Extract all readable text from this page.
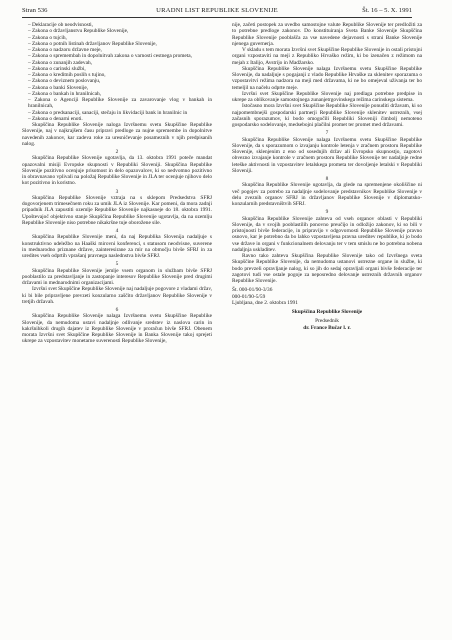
Stran 536	URADNI LIST REPUBLIKE SLOVENIJE	Št. 16 – 5. X. 1991

– Deklaracije ob neodvisnosti,

– Zakona o državljanstvu Republike Slovenije,

– Zakona o tujcih,

– Zakona o potnih listinah državljanov Republike Slovenije,

– Zakona o nadzoru državne meje,

– Zakona o spremembah in dopolnitvah zakona o varnosti cestnega prometa,

– Zakona o zunanjih zadevah,

– Zakona o carinski službi,

– Zakona o kreditnih poslih s tujino,

– Zakona o deviznem poslovanju,

– Zakona o banki Slovenije,

– Zakona o bankah in hranilnicah,

– Zakona o Agenciji Republike Slovenije za zavarovanje vlog v bankah in hranilnicah,

– Zakona o predsanaciji, sanaciji, stečaju in likvidaciji bank in hranilnic in

– Zakona o denarni enoti.

Skupščina Republike Slovenije naloga Izvršnemu svetu Skupščine Republike Slovenije, naj v najkrajšem času pripravi predloge za nujne spremembe in dopolnitve navedenih zakonov, kar zadeva roke za uresničevanje posameznih v njih predpisanih nalog.

2

Skupščina Republike Slovenije ugotavlja, da 13. oktobra 1991 poteče mandat opazovalni misiji Evropske skupnosti v Republiki Sloveniji. Skupščina Republike Slovenije pozitivno ocenjuje prisotnost in delo opazovalcev, ki so nedvomno pozitivno in obravnavano vplivali na položaj Republike Slovenije in JLA ter ocenjuje njihovo delo kot pozitivno in koristno.

3

Skupščina Republike Slovenije vztraja na s sklepom Predsedstva SFRJ dogovorjenem trimesečnem roku za umik JLA iz Slovenije. Kar pomeni, da mora zadnji pripadnik JLA zapustiti ozemlje Republike Slovenije najkasneje do 18. oktobra 1991. Upoštevajoč objektivno stanje Skupščina Republike Slovenije ugotavlja, da na ozemlju Republike Slovenije niso potrebne nikakršne tuje oborožene sile.

4

Skupščina Republike Slovenije meni, da naj Republika Slovenija nadaljuje s konstruktivno udeležbo na Haaški mirovni konferenci, s statusom neodvisne, suverene in mednarodno priznane države, zainteresirane za mir na območju bivše SFRJ in za uredites vseh odprtih vprašanj pravnega naslednstva bivše SFRJ.

5

Skupščina Republike Slovenije jemlje vsem organom in službam bivše SFRJ pooblastilo za predstavljanje in zastopanje interesov Republike Slovenije pred drugimi državami in mednarodnimi organizacijami.

Izvršni svet Skupščine Republike Slovenije naj nadaljuje pogovore z vladami držav, ki bi bile pripravljene prevzeti konzularno zaščito državljanov Republike Slovenije v tretjih državah.

6

Skupščina Republike Slovenije nalaga Izvršnemu svetu Skupščine Republike Slovenije, da nemudoma ustavi nadaljnje odlivanje sredstev iz naslova carin in kakršnihkoli drugih dajatev iz Republike Slovenije v proračun bivše SFRJ. Obenem morata Izvršni svet Skupščine Republike Slovenije in Banka Slovenije takoj sprejeti ukrepe za vzpostavitev monetarne suverenosti Republike Slovenije,

nije, začeti postopek za uvedbo samostojne valute Republike Slovenije ter predložiti za to potrebne predloge zakonov. Do konstituiranja Sveta Banke Slovenije Skupščina Republike Slovenije pooblašča za vse navedene dejavnosti s strani Banke Slovenije njenega guvernerja.

V skladu s tem morata Izvršni svet Skupščine Republike Slovenije in ostali pristojni organi vzpostaviti na meji z Republiko Hrvaško režim, ki bo izenačen z režimom na mejah z Italijo, Avstrijo in Madžarsko.

Skupščina Republike Slovenije nalaga Izvršnemu svetu Skupščine Republike Slovenije, da nadaljuje s pogajanji z vlado Republike Hrvaške za sklenitev sporazuma o vzpostavitvi režima nadzora na meji med državama, ki ne bo omejeval uživanja ter bo temeljil na načelu odprte meje.

Izvršni svet Skupščine Republike Slovenije naj predlaga potrebne predpise in ukrepe za oblikovanje samostojnega zunanjetrgovinskega režima carinskega sistema.

Istočasno mora Izvršni svet Skupščine Republike Slovenije ponuditi državam, ki so najpomembnejši gospodarski partnerji Republike Slovenije sklenitev ustreznih, vsej začasnih sporazumov, ki bodo omogočili Republiki Sloveniji čimbolj nemoteno gospodarsko sodelovanje, medsebojni plačilni promet ter promet med državami.

7

Skupščina Republike Slovenije nalaga Izvršnemu svetu Skupščine Republike Slovenije, da s sporazumom o izvajanju kontrole letenja v zračnem prostoru Republike Slovenije, sklenjenim z eno od sosednjih držav ali Evropsko skupnostjo, zagotovi obvezno izvajanje kontrole v zračnem prostoru Republike Slovenije ter nadaljnje redne leteške aktivnosti in vzpostavitev letalskega prometa ter dovoljenje letalski v Republiki Sloveniji.

8

Skupščina Republike Slovenije ugotavlja, da glede na spremenjene okoliščine ni več pogojev za potrebo za nadaljnje sodelovanje predstavnikov Republike Slovenije v delu zveznih organov SFRJ in državljanov Republike Slovenije v diplomatsko-konzularnih predstavništvih SFRJ.

9

Skupščina Republike Slovenije zahteva od vseh organov oblasti v Republiki Slovenije, da v svojih pooblastilih ponovno preučijo in odložijo zakonov, ki so bili v pristojnosti bivše federacije, in pripravijo v odgovornosti Republike Slovenije pravno osnovo, kar je potrebno da bo lahko vzpostavljena pravna ureditev republike, ki jo bodo vse države in organi v funkcionalnem delovanju ter v tem smislu ne bo potrebna nobena nadaljnja uskladitev.

Ravno tako zahteva Skupščina Republike Slovenije tako od Izvršnega sveta Skupščine Republike Slovenije, da nemudoma ustanovi ustrezne organe in službe, ki bodo prevzeli opravljanje nalog, ki so jih do sedaj opravljali organi bivše federacije ter zagotovi tudi vse ostale pogoje za neposredno delovanje ustreznih državnih organov Republike Slovenije.

Št. 000-01/90-3/36

000-01/90-5/59

Ljubljana, dne 2. oktobra 1991

Skupščina Republike Slovenije

Predsednik

dr. France Bučar l. r.
